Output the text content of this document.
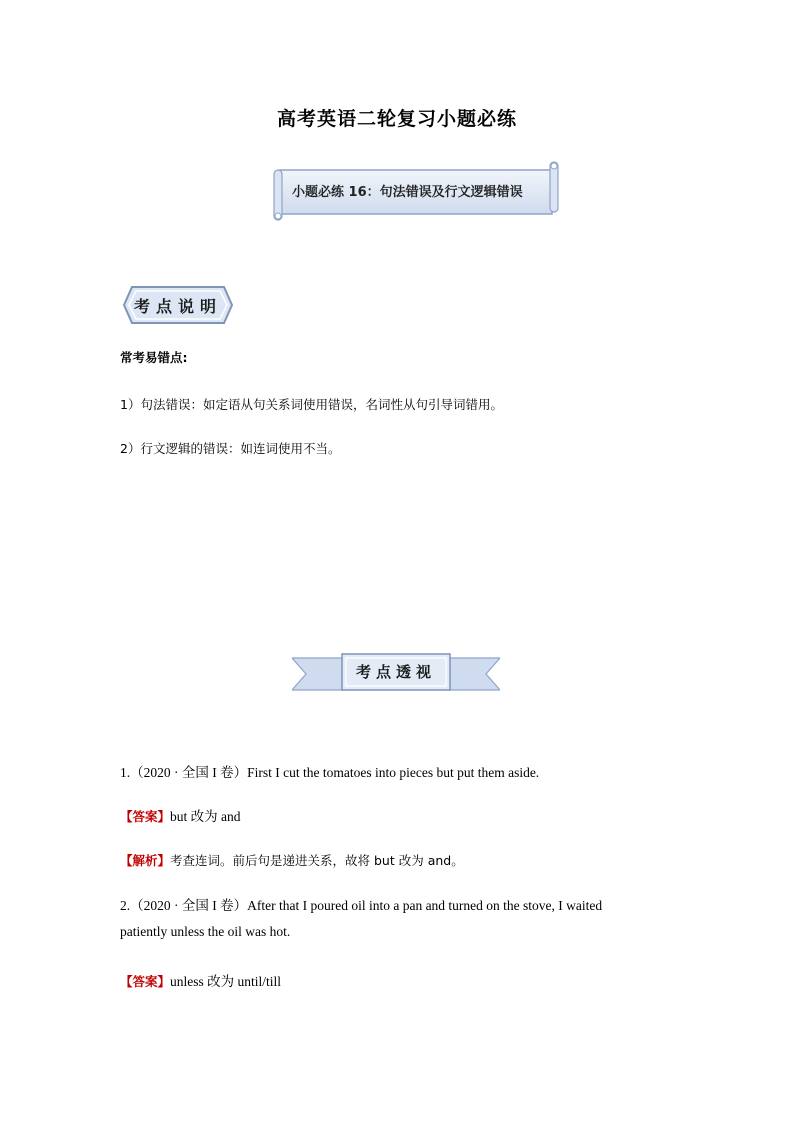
高考英语二轮复习小题必练
小题必练 16：句法错误及行文逻辑错误
考点说明
常考易错点:
1）句法错误：如定语从句关系词使用错误，名词性从句引导词错用。
2）行文逻辑的错误：如连词使用不当。
考点透视
1.（2020 · 全国 I 卷）First I cut the tomatoes into pieces but put them aside.
【答案】but 改为 and
【解析】考查连词。前后句是递进关系，故将 but 改为 and。
2.（2020 · 全国 I 卷）After that I poured oil into a pan and turned on the stove, I waited
patiently unless the oil was hot.
【答案】unless 改为 until/till
